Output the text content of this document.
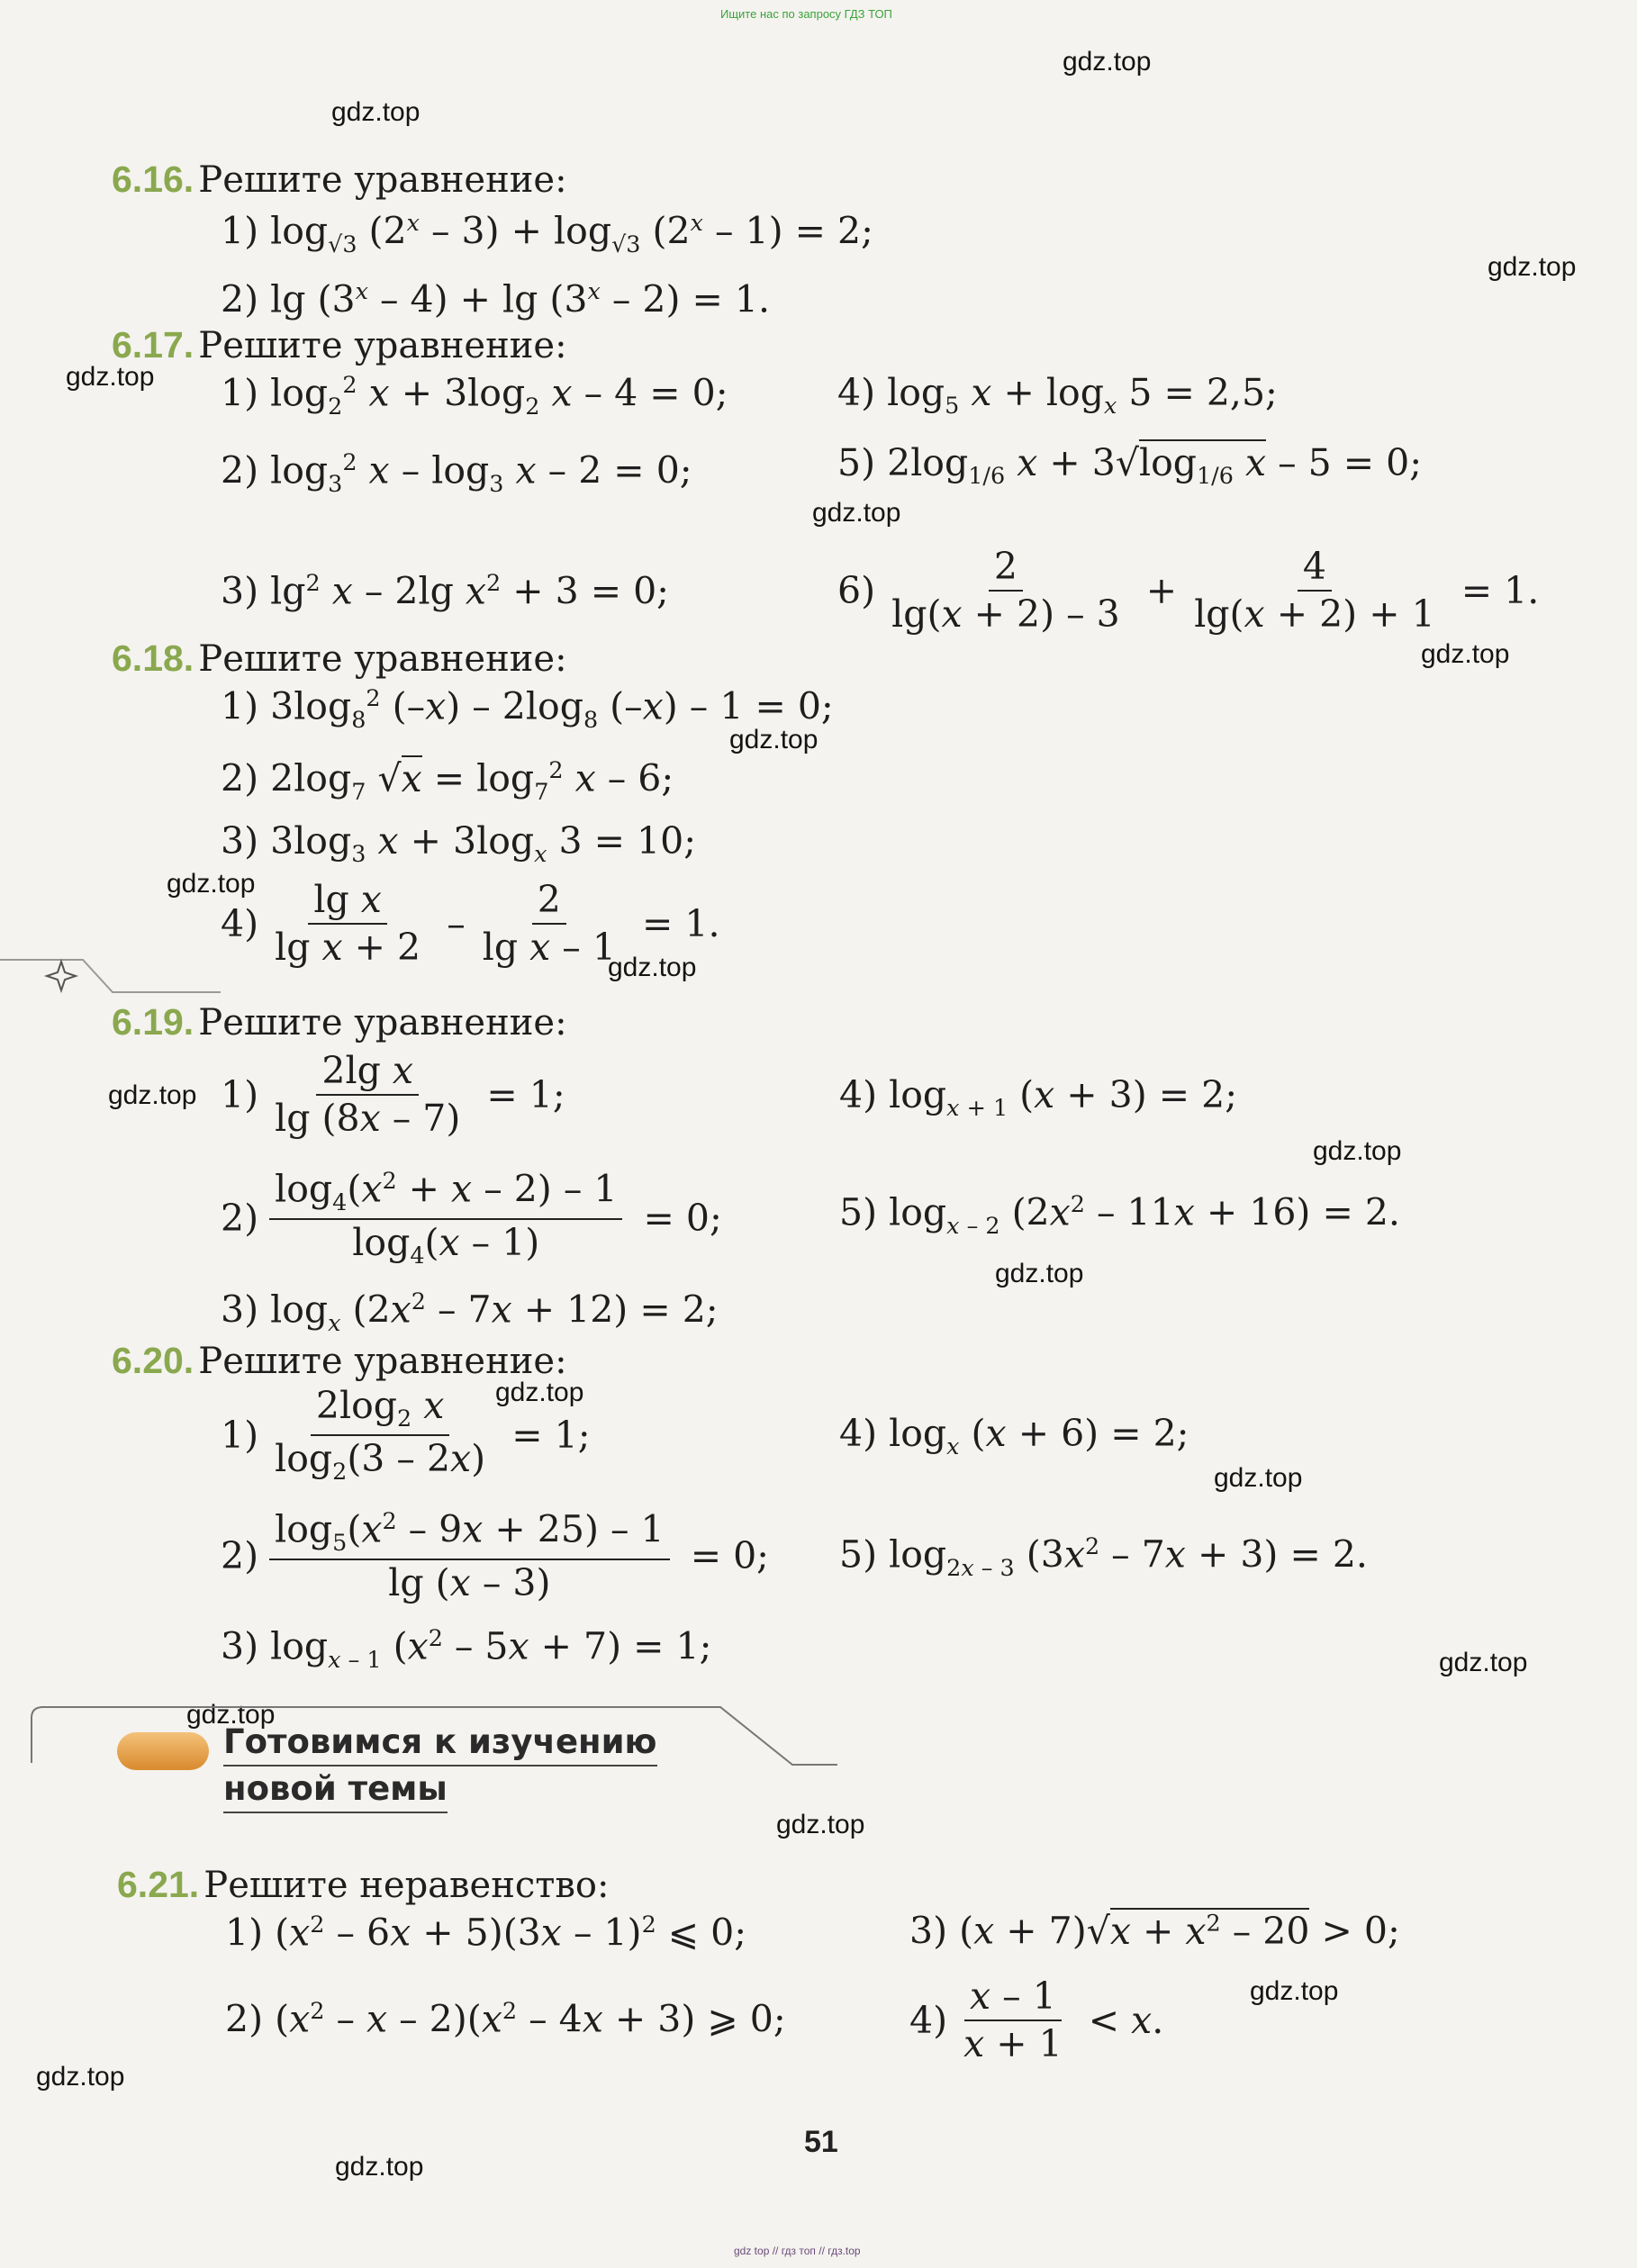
Ищите нас по запросу ГДЗ ТОП
gdz top // гдз топ // гдз.top
gdz.top
gdz.top
gdz.top
gdz.top
gdz.top
gdz.top
gdz.top
gdz.top
gdz.top
gdz.top
gdz.top
gdz.top
gdz.top
gdz.top
gdz.top
gdz.top
gdz.top
gdz.top
gdz.top
gdz.top
6.16. Решите уравнение:
1) $\log_{√3} (2^x - 3) + \log_{√3} (2^x - 1) = 2$;
2) lg (3$^x$ – 4) + lg (3$^x$ – 2) = 1.
6.17. Решите уравнение:
1) $\log_2^2 x + 3\log_2$ x – 4 = 0;	4) $\log_5 x + \log_x 5 = 2,5$;
2) $\log_3^2 x - \log_3 x - 2 = 0$;	5) $2\log_{1/6}$ $x + 3√\log_{1/6}$ x – 5 = 0;
3) $\lg^2 x - 2\lg$ $x^2 + 3 = 0$;	$6) \frac{2}{\lg(x + 2) - 3} + \frac{4}{\lg(x + 2) + 1} = 1$.
6.18. Решите уравнение:
1) $3\log_8^2$ $(-x) - 2\log_8$ (–x) – 1 = 0;
2) $2\log_7$ $√x = \log_7^2 x - 6$;
3) $3\log_3$ $x + 3\log_x$ 3 = 10;
$4) \frac{\text{lg x}}{\text{lg x + 2}} - \frac{2}{\text{lg x – 1}} = 1$.
6.19. Решите уравнение:
$1) \frac{\text{2lg x}}{\lg (8x - 7)} = 1$;	4) $\log_{x + 1} (x + 3) = 2$;
$2) \frac{\log_4(x^2 + x - 2) - 1}{\log_4(x - 1)} = 0$;	5) $\log_{x - 2} (2x^2 - 11x + 16) = 2$.
3) $\log_x (2x^2 - 7x + 12) = 2$;
6.20. Решите уравнение:
$1) \frac{2\log_2 x}{\log_2(3 - 2x)} = 1$;	4) $\log_x (x + 6) = 2$;
$2) \frac{\log_5(x^2 - 9x + 25) - 1}{\lg (x - 3)} = 0$; 5) $\log_{2x - 3} (3x^2 - 7x + 3) = 2$.
3) $\log_{x - 1} (x^2 - 5x + 7) = 1$;
Готовимся к изучению
новой темы
6.21. Решите неравенство:
1) $(x^2 - 6x + 5)(3x - 1)^2$ ⩽ 0;	3) $(x + 7)√x + x^2 - 20 > 0$;
2) $(x^2 - x - 2)(x^2 - 4x + 3)$ ⩾ 0;	$4) \frac{x - 1}{x + 1} < x$.
51
